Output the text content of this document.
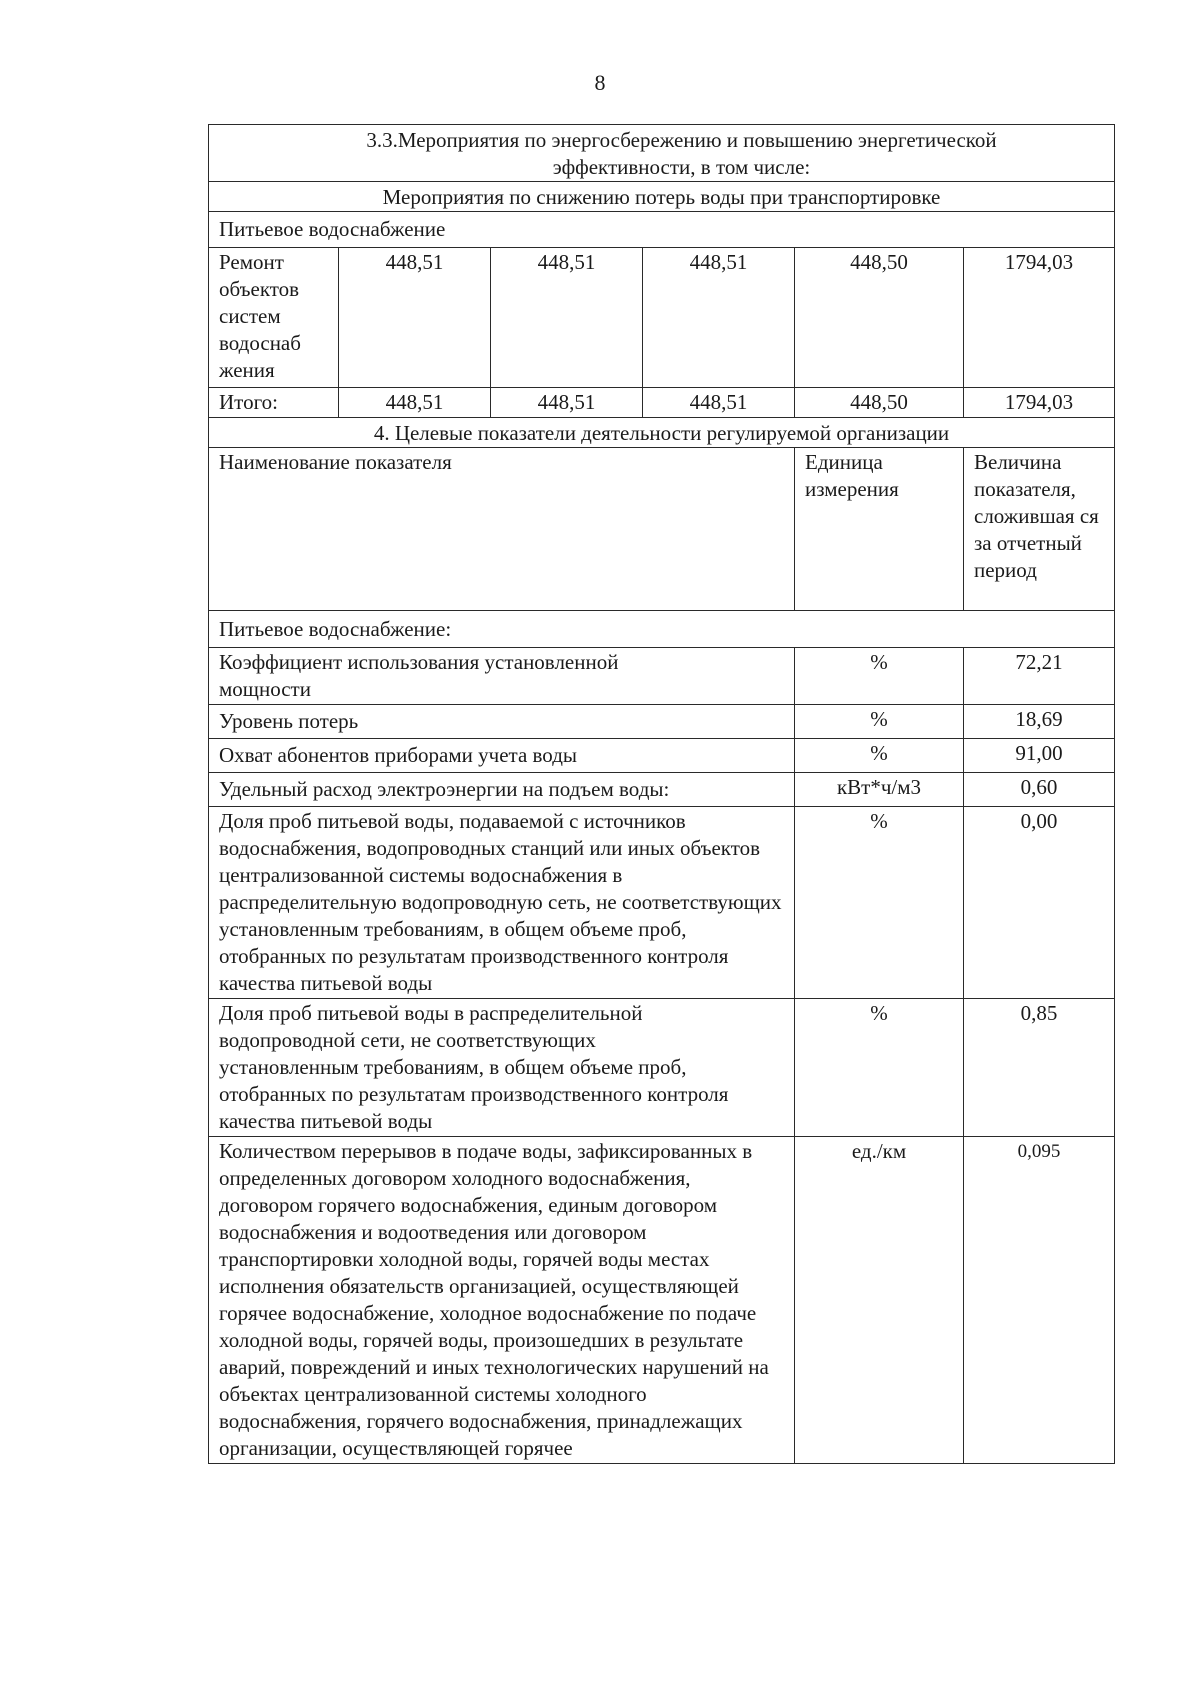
8
3.3.Мероприятия по энергосбережению и повышению энергетической эффективности, в том числе:					
Мероприятия по снижению потерь воды при транспортировке					
Питьевое водоснабжение					
Ремонт объектов систем водоснаб жения	448,51	448,51	448,51	448,50	1794,03
Итого:	448,51	448,51	448,51	448,50	1794,03
4. Целевые показатели деятельности регулируемой организации					
Наименование показателя				Единица измерения	Величина показателя, сложившая ся за отчетный период
Питьевое водоснабжение:					
Коэффициент использования установленной мощности				%	72,21
Уровень потерь				%	18,69
Охват абонентов приборами учета воды				%	91,00
Удельный расход электроэнергии на подъем воды:				кВт*ч/м3	0,60
Доля проб питьевой воды, подаваемой с источников водоснабжения, водопроводных станций или иных объектов централизованной системы водоснабжения в распределительную водопроводную сеть, не соответствующих установленным требованиям, в общем объеме проб, отобранных по результатам производственного контроля качества питьевой воды				%	0,00
Доля проб питьевой воды в распределительной водопроводной сети, не соответствующих установленным требованиям, в общем объеме проб, отобранных по результатам производственного контроля качества питьевой воды				%	0,85
Количеством перерывов в подаче воды, зафиксированных в определенных договором холодного водоснабжения, договором горячего водоснабжения, единым договором водоснабжения и водоотведения или договором транспортировки холодной воды, горячей воды местах исполнения обязательств организацией, осуществляющей горячее водоснабжение, холодное водоснабжение по подаче холодной воды, горячей воды, произошедших в результате аварий, повреждений и иных технологических нарушений на объектах централизованной системы холодного водоснабжения, горячего водоснабжения, принадлежащих организации, осуществляющей горячее				ед./км	0,095
